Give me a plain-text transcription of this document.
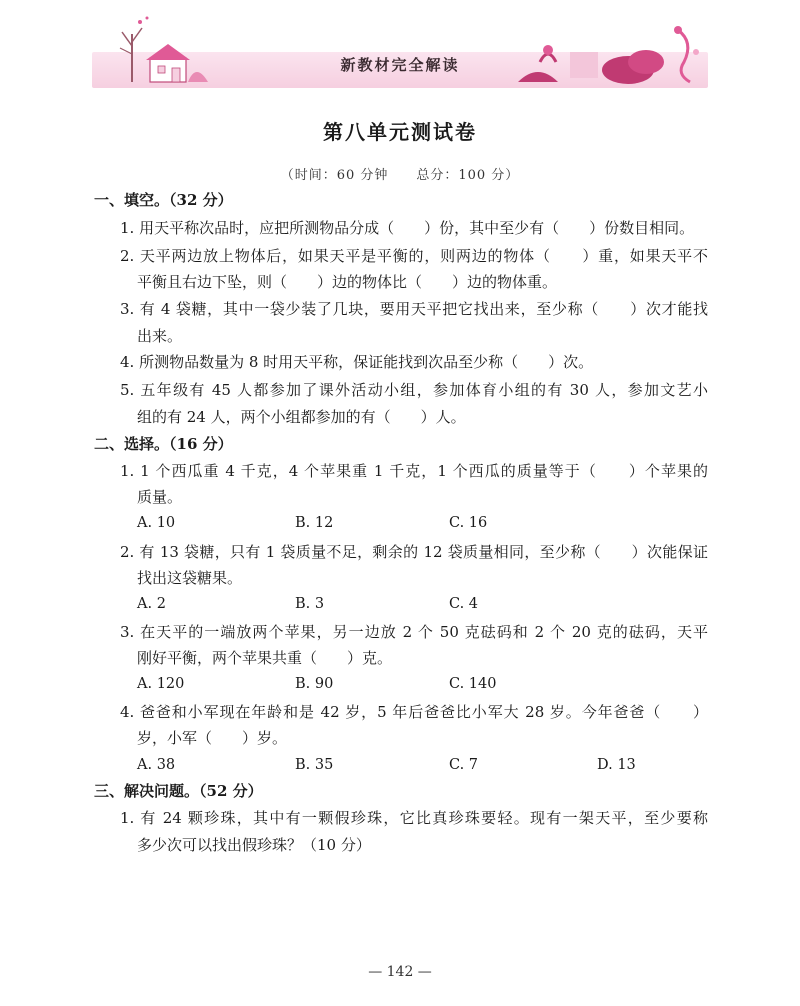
新教材完全解读
第八单元测试卷
（时间：60 分钟　　总分：100 分）
一、填空。（32 分）
1. 用天平称次品时，应把所测物品分成（　　）份，其中至少有（　　）份数目相同。
2. 天平两边放上物体后，如果天平是平衡的，则两边的物体（　　）重，如果天平不
平衡且右边下坠，则（　　）边的物体比（　　）边的物体重。
3. 有 4 袋糖，其中一袋少装了几块，要用天平把它找出来，至少称（　　）次才能找
出来。
4. 所测物品数量为 8 时用天平称，保证能找到次品至少称（　　）次。
5. 五年级有 45 人都参加了课外活动小组，参加体育小组的有 30 人，参加文艺小
组的有 24 人，两个小组都参加的有（　　）人。
二、选择。（16 分）
1. 1 个西瓜重 4 千克，4 个苹果重 1 千克，1 个西瓜的质量等于（　　）个苹果的
质量。
A. 10	B. 12	C. 16
2. 有 13 袋糖，只有 1 袋质量不足，剩余的 12 袋质量相同，至少称（　　）次能保证
找出这袋糖果。
A. 2	B. 3	C. 4
3. 在天平的一端放两个苹果，另一边放 2 个 50 克砝码和 2 个 20 克的砝码，天平
刚好平衡，两个苹果共重（　　）克。
A. 120	B. 90	C. 140
4. 爸爸和小军现在年龄和是 42 岁，5 年后爸爸比小军大 28 岁。今年爸爸（　　）
岁，小军（　　）岁。
A. 38	B. 35	C. 7	D. 13
三、解决问题。（52 分）
1. 有 24 颗珍珠，其中有一颗假珍珠，它比真珍珠要轻。现有一架天平，至少要称
多少次可以找出假珍珠？（10 分）
— 142 —
